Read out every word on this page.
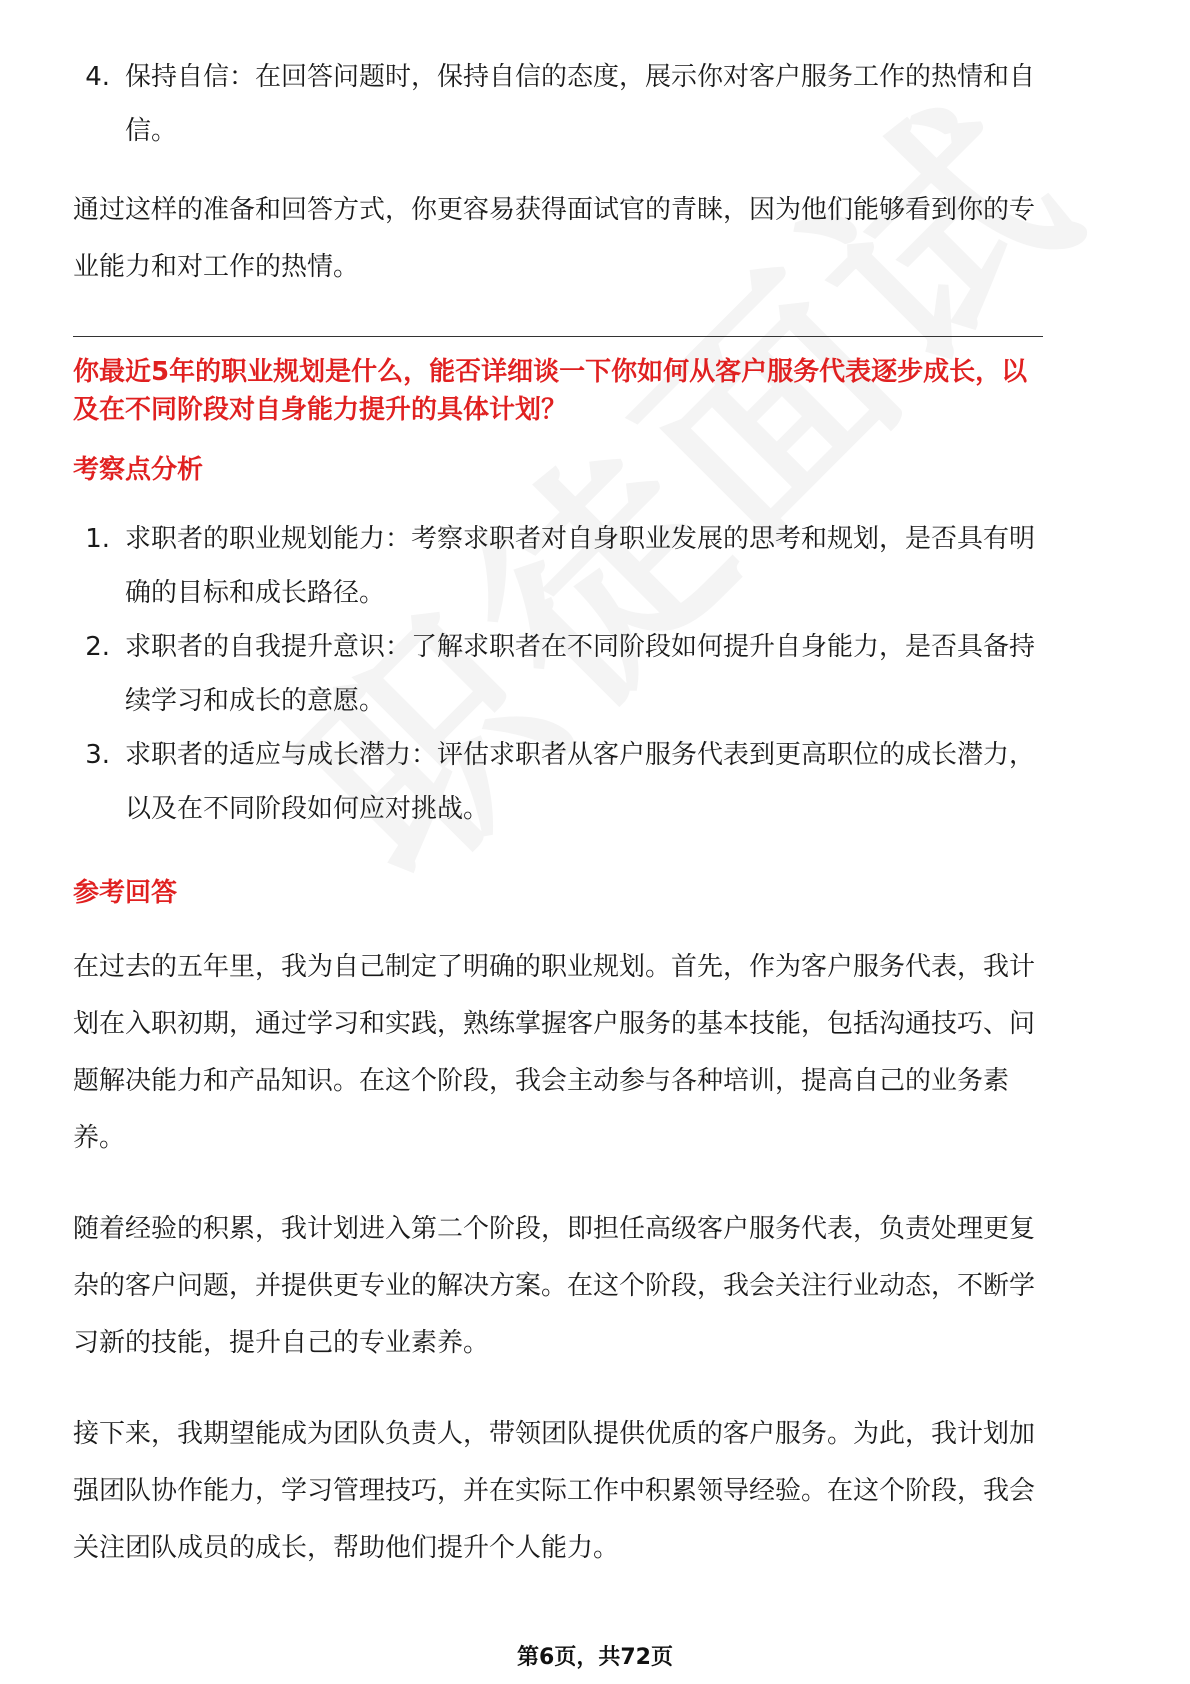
4. 保持自信：在回答问题时，保持自信的态度，展示你对客户服务工作的热情和自信。

通过这样的准备和回答方式，你更容易获得面试官的青睐，因为他们能够看到你的专业能力和对工作的热情。

你最近5年的职业规划是什么，能否详细谈一下你如何从客户服务代表逐步成长，以及在不同阶段对自身能力提升的具体计划？

考察点分析

1. 求职者的职业规划能力：考察求职者对自身职业发展的思考和规划，是否具有明确的目标和成长路径。
2. 求职者的自我提升意识：了解求职者在不同阶段如何提升自身能力，是否具备持续学习和成长的意愿。
3. 求职者的适应与成长潜力：评估求职者从客户服务代表到更高职位的成长潜力，以及在不同阶段如何应对挑战。

参考回答

在过去的五年里，我为自己制定了明确的职业规划。首先，作为客户服务代表，我计划在入职初期，通过学习和实践，熟练掌握客户服务的基本技能，包括沟通技巧、问题解决能力和产品知识。在这个阶段，我会主动参与各种培训，提高自己的业务素养。

随着经验的积累，我计划进入第二个阶段，即担任高级客户服务代表，负责处理更复杂的客户问题，并提供更专业的解决方案。在这个阶段，我会关注行业动态，不断学习新的技能，提升自己的专业素养。

接下来，我期望能成为团队负责人，带领团队提供优质的客户服务。为此，我计划加强团队协作能力，学习管理技巧，并在实际工作中积累领导经验。在这个阶段，我会关注团队成员的成长，帮助他们提升个人能力。

第6页，共72页
